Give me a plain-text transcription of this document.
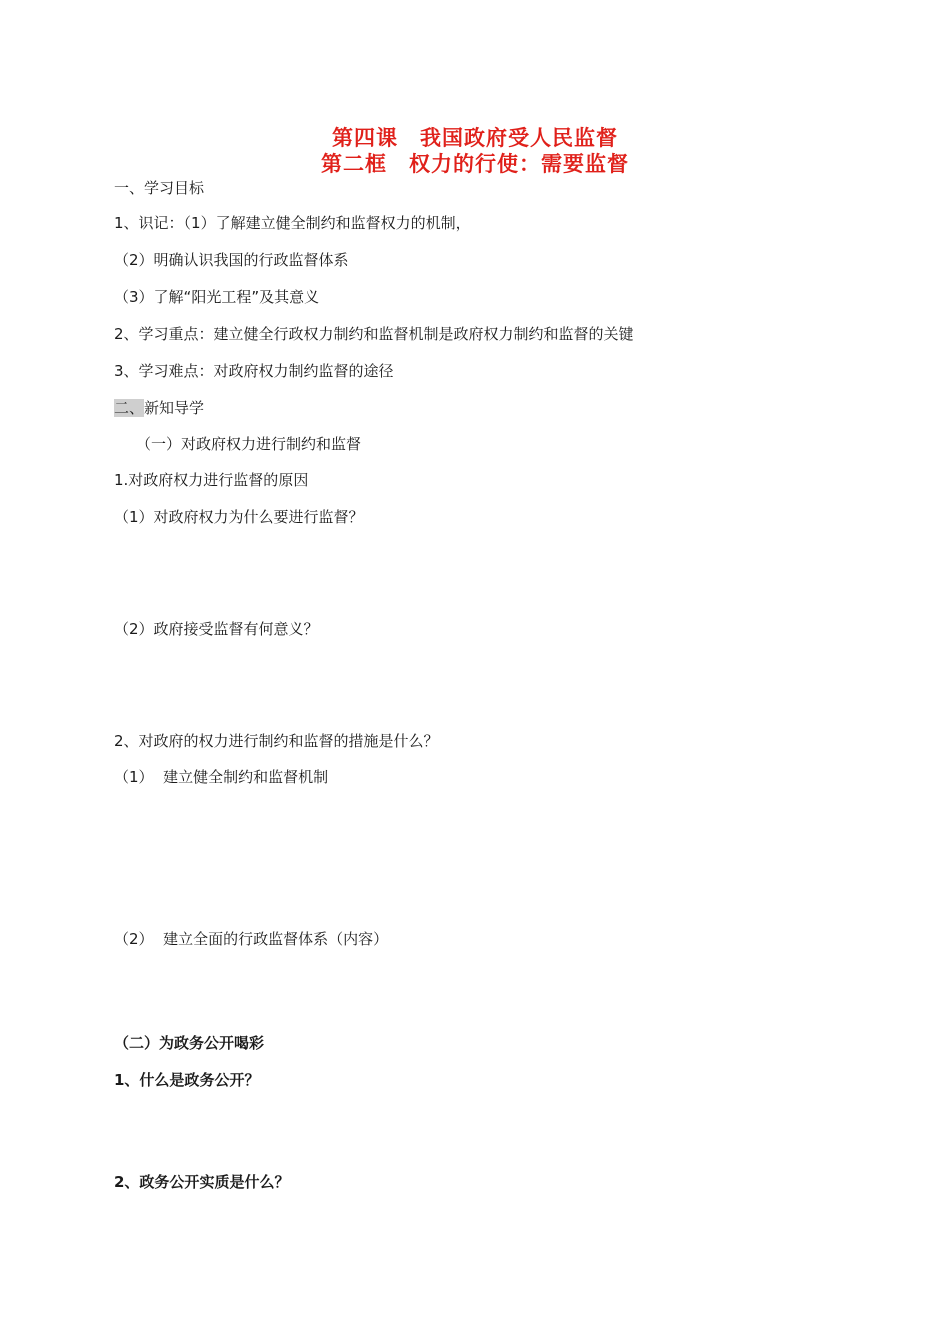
第四课　我国政府受人民监督
第二框　权力的行使：需要监督
一、学习目标
1、识记：（1）了解建立健全制约和监督权力的机制，
（2）明确认识我国的行政监督体系
（3）了解“阳光工程”及其意义
2、学习重点：建立健全行政权力制约和监督机制是政府权力制约和监督的关键
3、学习难点：对政府权力制约监督的途径
二、新知导学
（一）对政府权力进行制约和监督
1.对政府权力进行监督的原因
（1）对政府权力为什么要进行监督？
（2）政府接受监督有何意义？
2、对政府的权力进行制约和监督的措施是什么？
（1）  建立健全制约和监督机制
（2）  建立全面的行政监督体系（内容）
（二）为政务公开喝彩
1、什么是政务公开？
2、政务公开实质是什么？
